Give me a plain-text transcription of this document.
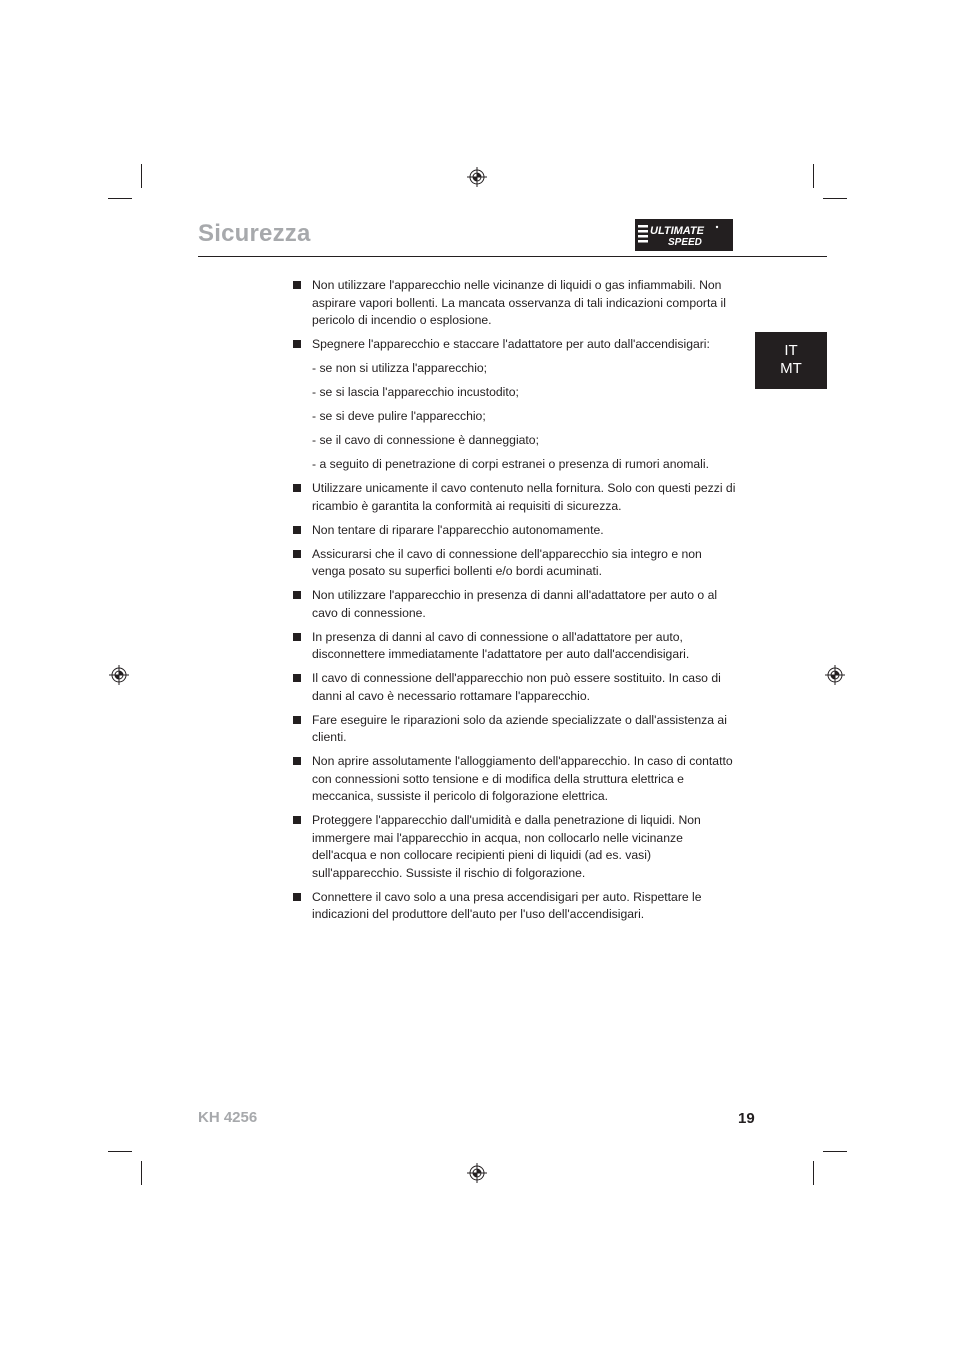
Sicurezza	ULTIMATE
SPEED
IT
MT
Non utilizzare l'apparecchio nelle vicinanze di liquidi o gas infiammabili. Non aspirare vapori bollenti. La mancata osservanza di tali indicazioni comporta il pericolo di incendio o esplosione.
Spegnere l'apparecchio e staccare l'adattatore per auto dall'accendisigari:
- se non si utilizza l'apparecchio;
- se si lascia l'apparecchio incustodito;
- se si deve pulire l'apparecchio;
- se il cavo di connessione è danneggiato;
- a seguito di penetrazione di corpi estranei o presenza di rumori anomali.
Utilizzare unicamente il cavo contenuto nella fornitura. Solo con questi pezzi di ricambio è garantita la conformità ai requisiti di sicurezza.
Non tentare di riparare l'apparecchio autonomamente.
Assicurarsi che il cavo di connessione dell'apparecchio sia integro e non venga posato su superfici bollenti e/o bordi acuminati.
Non utilizzare l'apparecchio in presenza di danni all'adattatore per auto o al cavo di connessione.
In presenza di danni al cavo di connessione o all'adattatore per auto, disconnettere immediatamente l'adattatore per auto dall'accendisigari.
Il cavo di connessione dell'apparecchio non può essere sostituito. In caso di danni al cavo è necessario rottamare l'apparecchio.
Fare eseguire le riparazioni solo da aziende specializzate o dall'assistenza ai clienti.
Non aprire assolutamente l'alloggiamento dell'apparecchio. In caso di contatto con connessioni sotto tensione e di modifica della struttura elettrica e meccanica, sussiste il pericolo di folgorazione elettrica.
Proteggere l'apparecchio dall'umidità e dalla penetrazione di liquidi. Non immergere mai l'apparecchio in acqua, non collocarlo nelle vicinanze dell'acqua e non collocare recipienti pieni di liquidi (ad es. vasi) sull'apparecchio. Sussiste il rischio di folgorazione.
Connettere il cavo solo a una presa accendisigari per auto. Rispettare le indicazioni del produttore dell'auto per l'uso dell'accendisigari.
KH 4256	19
